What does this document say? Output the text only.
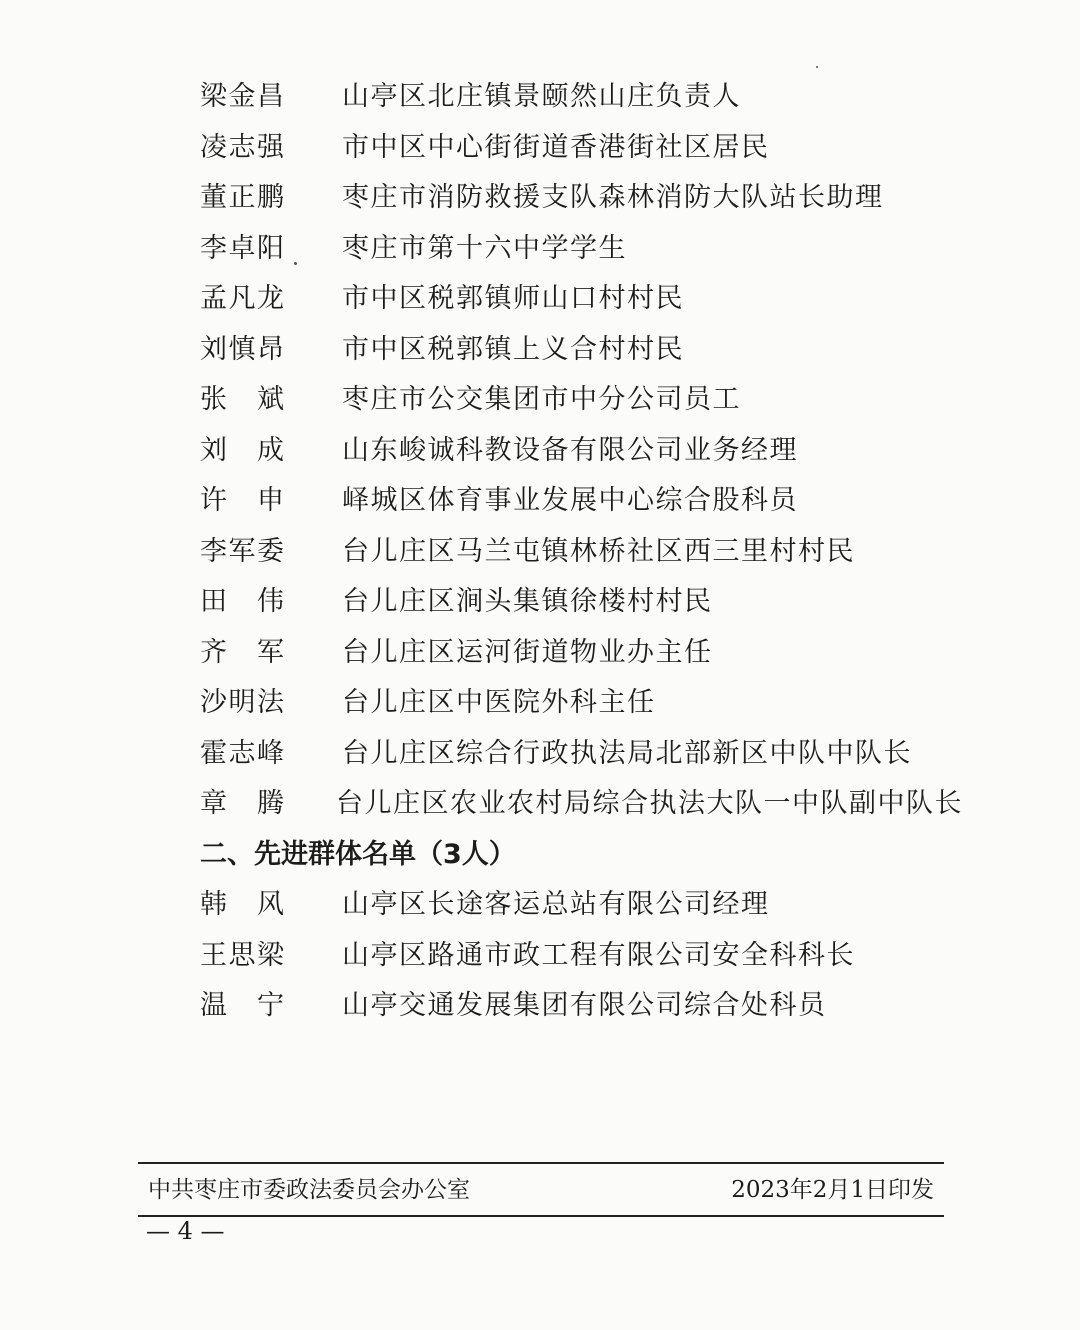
梁金昌 山亭区北庄镇景颐然山庄负责人
凌志强 市中区中心街街道香港街社区居民
董正鹏 枣庄市消防救援支队森林消防大队站长助理
李卓阳 枣庄市第十六中学学生
孟凡龙 市中区税郭镇师山口村村民
刘慎昂 市中区税郭镇上义合村村民
张斌 枣庄市公交集团市中分公司员工
刘成 山东峻诚科教设备有限公司业务经理
许申 峄城区体育事业发展中心综合股科员
李军委 台儿庄区马兰屯镇林桥社区西三里村村民
田伟 台儿庄区涧头集镇徐楼村村民
齐军 台儿庄区运河街道物业办主任
沙明法 台儿庄区中医院外科主任
霍志峰 台儿庄区综合行政执法局北部新区中队中队长
章腾 台儿庄区农业农村局综合执法大队一中队副中队长
二、先进群体名单（3人）
韩风 山亭区长途客运总站有限公司经理
王思梁 山亭区路通市政工程有限公司安全科科长
温宁 山亭交通发展集团有限公司综合处科员
中共枣庄市委政法委员会办公室	2023年2月1日印发
— 4 —
